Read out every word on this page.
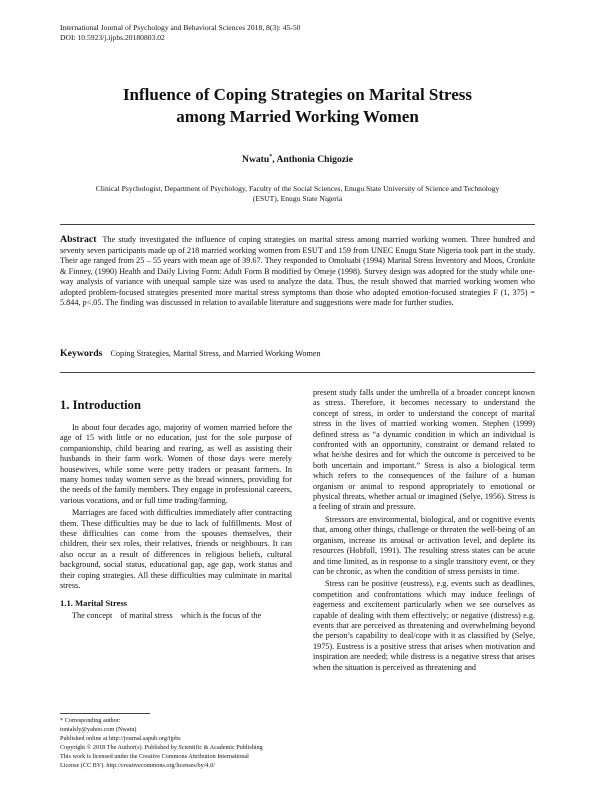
International Journal of Psychology and Behavioral Sciences 2018, 8(3): 45-50
DOI: 10.5923/j.ijpbs.20180803.02
Influence of Coping Strategies on Marital Stress
among Married Working Women
Nwatu*, Anthonia Chigozie
Clinical Psychologist, Department of Psychology, Faculty of the Social Sciences, Enugu State University of Science and Technology
(ESUT), Enugu State Nigeria
Abstract The study investigated the influence of coping strategies on marital stress among married working women. Three hundred and seventy seven participants made up of 218 married working women from ESUT and 159 from UNEC Enugu State Nigeria took part in the study. Their age ranged from 25 – 55 years with mean age of 39.67. They responded to Omoluabi (1994) Marital Stress Inventory and Moos, Cronkite & Finney, (1990) Health and Daily Living Form: Adult Form B modified by Omeje (1998). Survey design was adopted for the study while one-way analysis of variance with unequal sample size was used to analyze the data. Thus, the result showed that married working women who adopted problem-focused strategies presented more marital stress symptoms than those who adopted emotion-focused strategies F (1, 375) = 5.844, p<.05. The finding was discussed in relation to available literature and suggestions were made for further studies.
Keywords Coping Strategies, Marital Stress, and Married Working Women
1. Introduction

In about four decades ago, majority of women married before the age of 15 with little or no education, just for the sole purpose of companionship, child bearing and rearing, as well as assisting their husbands in their farm work. Women of those days were merely housewives, while some were petty traders or peasant farmers. In many homes today women serve as the bread winners, providing for the needs of the family members. They engage in professional careers, various vocations, and or full time trading/farming.

Marriages are faced with difficulties immediately after contracting them. These difficulties may be due to lack of fulfillments. Most of these difficulties can come from the spouses themselves, their children, their sex roles, their relatives, friends or neighbours. It can also occur as a result of differences in religious beliefs, cultural background, social status, educational gap, age gap, work status and their coping strategies. All these difficulties may culminate in marital stress.

1.1. Marital Stress

The concept    of marital stress    which is the focus of the

present study falls under the umbrella of a broader concept known as stress. Therefore, it becomes necessary to understand the concept of stress, in order to understand the concept of marital stress in the lives of married working women. Stephen (1999) defined stress as “a dynamic condition in which an individual is confronted with an opportunity, constraint or demand related to what he/she desires and for which the outcome is perceived to be both uncertain and important.” Stress is also a biological term which refers to the consequences of the failure of a human organism or animal to respond appropriately to emotional or physical threats, whether actual or imagined (Selye, 1956). Stress is a feeling of strain and pressure.

Stressors are environmental, biological, and or cognitive events that, among other things, challenge or threaten the well-being of an organism, increase its arousal or activation level, and deplete its resources (Hobfoll, 1991). The resulting stress states can be acute and time limited, as in response to a single transitory event, or they can be chronic, as when the condition of stress persists in time.

Stress can be positive (eustress), e.g. events such as deadlines, competition and confrontations which may induce feelings of eagerness and excitement particularly when we see ourselves as capable of dealing with them effectively; or negative (distress) e.g. events that are perceived as threatening and overwhelming beyond the person’s capability to deal/cope with it as classified by (Selye, 1975). Eustress is a positive stress that arises when motivation and inspiration are needed; while distress is a negative stress that arises when the situation is perceived as threatening and

* Corresponding author:
tonialsly@yahoo.com (Nwatu)
Published online at http://journal.sapub.org/ijpbs
Copyright © 2018 The Author(s). Published by Scientific & Academic Publishing
This work is licensed under the Creative Commons Attribution International
License (CC BY). http://creativecommons.org/licenses/by/4.0/
